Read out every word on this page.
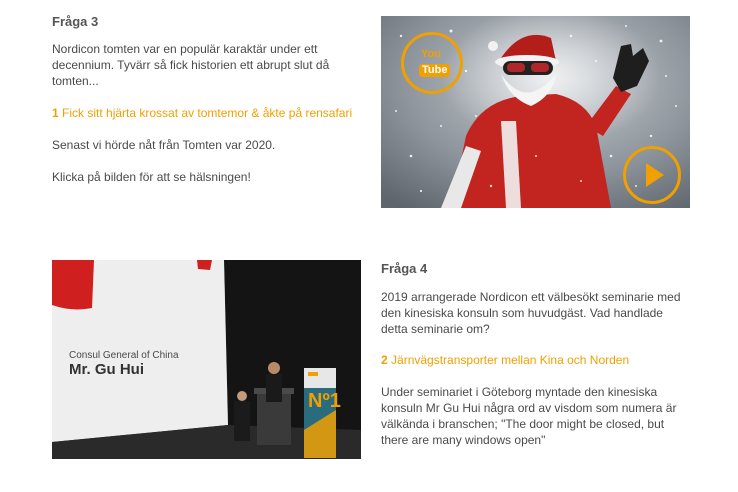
Fråga 3
Nordicon tomten var en populär karaktär under ett decennium. Tyvärr så fick historien ett abrupt slut då tomten...
1 Fick sitt hjärta krossat av tomtemor & åkte på rensafari
Senast vi hörde nåt från Tomten var 2020.
Klicka på bilden för att se hälsningen!
You
Tube
Consul General of China
Mr. Gu Hui
Nº1
Fråga 4
2019 arrangerade Nordicon ett välbesökt seminarie med den kinesiska konsuln som huvudgäst. Vad handlade detta seminarie om?
2 Järnvägstransporter mellan Kina och Norden
Under seminariet i Göteborg myntade den kinesiska konsuln Mr Gu Hui några ord av visdom som numera är välkända i branschen; "The door might be closed, but there are many windows open"
